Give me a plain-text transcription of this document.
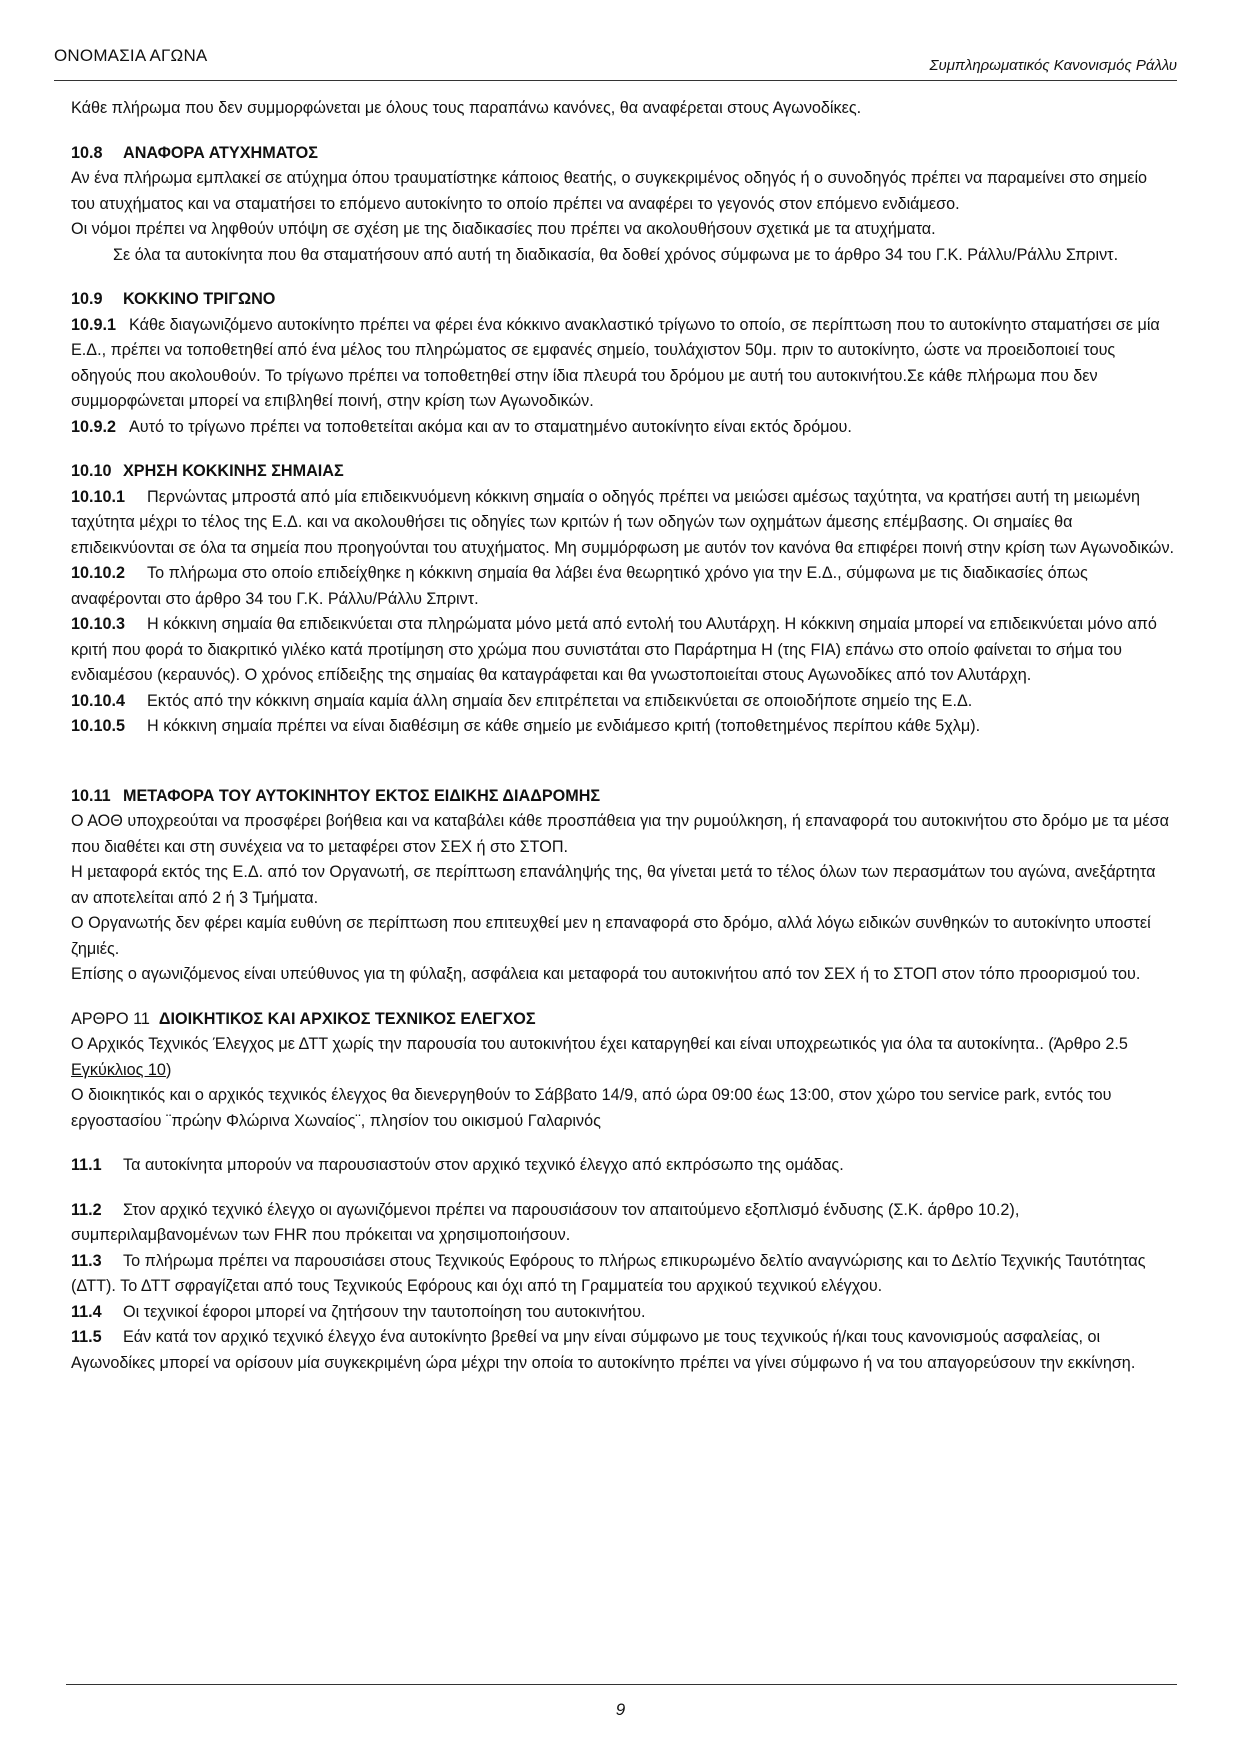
ΟΝΟΜΑΣΙΑ ΑΓΩΝΑ
Συμπληρωματικός Κανονισμός Ράλλυ

Κάθε πλήρωμα που δεν συμμορφώνεται με όλους τους παραπάνω κανόνες, θα αναφέρεται στους Αγωνοδίκες.

10.8 ΑΝΑΦΟΡΑ ΑΤΥΧΗΜΑΤΟΣ

Αν ένα πλήρωμα εμπλακεί σε ατύχημα όπου τραυματίστηκε κάποιος θεατής, ο συγκεκριμένος οδηγός ή ο συνοδηγός πρέπει να παραμείνει στο σημείο του ατυχήματος και να σταματήσει το επόμενο αυτοκίνητο το οποίο πρέπει να αναφέρει το γεγονός στον επόμενο ενδιάμεσο.

Οι νόμοι πρέπει να ληφθούν υπόψη σε σχέση με της διαδικασίες που πρέπει να ακολουθήσουν σχετικά με τα ατυχήματα.

Σε όλα τα αυτοκίνητα που θα σταματήσουν από αυτή τη διαδικασία, θα δοθεί χρόνος σύμφωνα με το άρθρο 34 του Γ.Κ. Ράλλυ/Ράλλυ Σπριντ.

10.9 ΚΟΚΚΙΝΟ ΤΡΙΓΩΝΟ

10.9.1 Κάθε διαγωνιζόμενο αυτοκίνητο πρέπει να φέρει ένα κόκκινο ανακλαστικό τρίγωνο το οποίο, σε περίπτωση που το αυτοκίνητο σταματήσει σε μία Ε.Δ., πρέπει να τοποθετηθεί από ένα μέλος του πληρώματος σε εμφανές σημείο, τουλάχιστον 50μ. πριν το αυτοκίνητο, ώστε να προειδοποιεί τους οδηγούς που ακολουθούν. Το τρίγωνο πρέπει να τοποθετηθεί στην ίδια πλευρά του δρόμου με αυτή του αυτοκινήτου.Σε κάθε πλήρωμα που δεν συμμορφώνεται μπορεί να επιβληθεί ποινή, στην κρίση των Αγωνοδικών.

10.9.2 Αυτό το τρίγωνο πρέπει να τοποθετείται ακόμα και αν το σταματημένο αυτοκίνητο είναι εκτός δρόμου.

10.10 ΧΡΗΣΗ ΚΟΚΚΙΝΗΣ ΣΗΜΑΙΑΣ

10.10.1 Περνώντας μπροστά από μία επιδεικνυόμενη κόκκινη σημαία ο οδηγός πρέπει να μειώσει αμέσως ταχύτητα, να κρατήσει αυτή τη μειωμένη ταχύτητα μέχρι το τέλος της Ε.Δ. και να ακολουθήσει τις οδηγίες των κριτών ή των οδηγών των οχημάτων άμεσης επέμβασης. Οι σημαίες θα επιδεικνύονται σε όλα τα σημεία που προηγούνται του ατυχήματος. Μη συμμόρφωση με αυτόν τον κανόνα θα επιφέρει ποινή στην κρίση των Αγωνοδικών.

10.10.2 Το πλήρωμα στο οποίο επιδείχθηκε η κόκκινη σημαία θα λάβει ένα θεωρητικό χρόνο για την Ε.Δ., σύμφωνα με τις διαδικασίες όπως αναφέρονται στο άρθρο 34 του Γ.Κ. Ράλλυ/Ράλλυ Σπριντ.

10.10.3 Η κόκκινη σημαία θα επιδεικνύεται στα πληρώματα μόνο μετά από εντολή του Αλυτάρχη. Η κόκκινη σημαία μπορεί να επιδεικνύεται μόνο από κριτή που φορά το διακριτικό γιλέκο κατά προτίμηση στο χρώμα που συνιστάται στο Παράρτημα Η (της FIA) επάνω στο οποίο φαίνεται το σήμα του ενδιαμέσου (κεραυνός). Ο χρόνος επίδειξης της σημαίας θα καταγράφεται και θα γνωστοποιείται στους Αγωνοδίκες από τον Αλυτάρχη.

10.10.4 Εκτός από την κόκκινη σημαία καμία άλλη σημαία δεν επιτρέπεται να επιδεικνύεται σε οποιοδήποτε σημείο της Ε.Δ.

10.10.5 Η κόκκινη σημαία πρέπει να είναι διαθέσιμη σε κάθε σημείο με ενδιάμεσο κριτή (τοποθετημένος περίπου κάθε 5χλμ).

10.11 ΜΕΤΑΦΟΡΑ ΤΟΥ ΑΥΤΟΚΙΝΗΤΟΥ ΕΚΤΟΣ ΕΙΔΙΚΗΣ ΔΙΑΔΡΟΜΗΣ

Ο ΑΟΘ υποχρεούται να προσφέρει βοήθεια και να καταβάλει κάθε προσπάθεια για την ρυμούλκηση, ή επαναφορά του αυτοκινήτου στο δρόμο με τα μέσα που διαθέτει και στη συνέχεια να το μεταφέρει στον ΣΕΧ ή στο ΣΤΟΠ.

Η μεταφορά εκτός της Ε.Δ. από τον Οργανωτή, σε περίπτωση επανάληψής της, θα γίνεται μετά το τέλος όλων των περασμάτων του αγώνα, ανεξάρτητα αν αποτελείται από 2 ή 3 Τμήματα.

Ο Οργανωτής δεν φέρει καμία ευθύνη σε περίπτωση που επιτευχθεί μεν η επαναφορά στο δρόμο, αλλά λόγω ειδικών συνθηκών το αυτοκίνητο υποστεί ζημιές.

Επίσης ο αγωνιζόμενος είναι υπεύθυνος για τη φύλαξη, ασφάλεια και μεταφορά του αυτοκινήτου από τον ΣΕΧ ή το ΣΤΟΠ στον τόπο προορισμού του.

ΑΡΘΡΟ 11 ΔΙΟΙΚΗΤΙΚΟΣ ΚΑΙ ΑΡΧΙΚΟΣ ΤΕΧΝΙΚΟΣ ΕΛΕΓΧΟΣ

Ο Αρχικός Τεχνικός Έλεγχος με ΔΤΤ χωρίς την παρουσία του αυτοκινήτου έχει καταργηθεί και είναι υποχρεωτικός για όλα τα αυτοκίνητα.. (Άρθρο 2.5 Εγκύκλιος 10)

Ο διοικητικός και ο αρχικός τεχνικός έλεγχος θα διενεργηθούν το Σάββατο 14/9, από ώρα 09:00 έως 13:00, στον χώρο του service park, εντός του εργοστασίου ¨πρώην Φλώρινα Χωναίος¨, πλησίον του οικισμού Γαλαρινός

11.1 Τα αυτοκίνητα μπορούν να παρουσιαστούν στον αρχικό τεχνικό έλεγχο από εκπρόσωπο της ομάδας.

11.2 Στον αρχικό τεχνικό έλεγχο οι αγωνιζόμενοι πρέπει να παρουσιάσουν τον απαιτούμενο εξοπλισμό ένδυσης (Σ.Κ. άρθρο 10.2), συμπεριλαμβανομένων των FHR που πρόκειται να χρησιμοποιήσουν.

11.3 Το πλήρωμα πρέπει να παρουσιάσει στους Τεχνικούς Εφόρους το πλήρως επικυρωμένο δελτίο αναγνώρισης και το Δελτίο Τεχνικής Ταυτότητας (ΔΤΤ). Το ΔΤΤ σφραγίζεται από τους Τεχνικούς Εφόρους και όχι από τη Γραμματεία του αρχικού τεχνικού ελέγχου.

11.4 Οι τεχνικοί έφοροι μπορεί να ζητήσουν την ταυτοποίηση του αυτοκινήτου.

11.5 Εάν κατά τον αρχικό τεχνικό έλεγχο ένα αυτοκίνητο βρεθεί να μην είναι σύμφωνο με τους τεχνικούς ή/και τους κανονισμούς ασφαλείας, οι Αγωνοδίκες μπορεί να ορίσουν μία συγκεκριμένη ώρα μέχρι την οποία το αυτοκίνητο πρέπει να γίνει σύμφωνο ή να του απαγορεύσουν την εκκίνηση.

9
